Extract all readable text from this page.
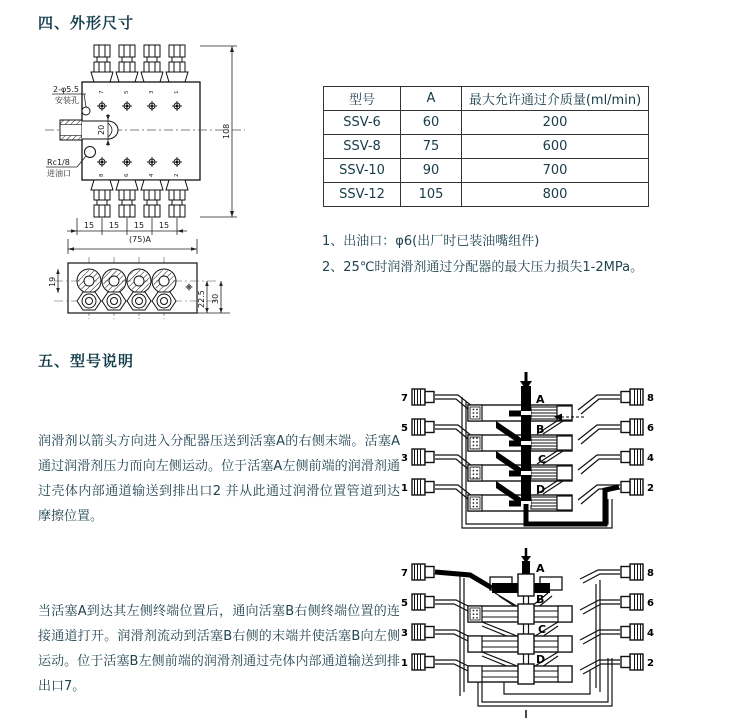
四、外形尺寸
7	5	3	1
8	6	4	2
20
2-φ5.5
安装孔
Rc1/8
进油口
108
15 15 15 15
(75)A
19
22.5 30
型号	A	最大允许通过介质量(ml/min)
SSV-6	60	200
SSV-8	75	600
SSV-10	90	700
SSV-12	105	800
1、出油口：φ6(出厂时已装油嘴组件)
2、25℃时润滑剂通过分配器的最大压力损失1-2MPa。
五、型号说明

润滑剂以箭头方向进入分配器压送到活塞A的右侧末端。活塞A通过润滑剂压力而向左侧运动。位于活塞A左侧前端的润滑剂通过壳体内部通道输送到排出口2 并从此通过润滑位置管道到达摩擦位置。

当活塞A到达其左侧终端位置后，通向活塞B右侧终端位置的连接通道打开。润滑剂流动到活塞B右侧的末端并使活塞B向左侧运动。位于活塞B左侧前端的润滑剂通过壳体内部通道输送到排出口7。

7
5
3
1
8
6
4
2
A
B
C
D
7
5
3
1
8
6
4
2
A
B
C
D
